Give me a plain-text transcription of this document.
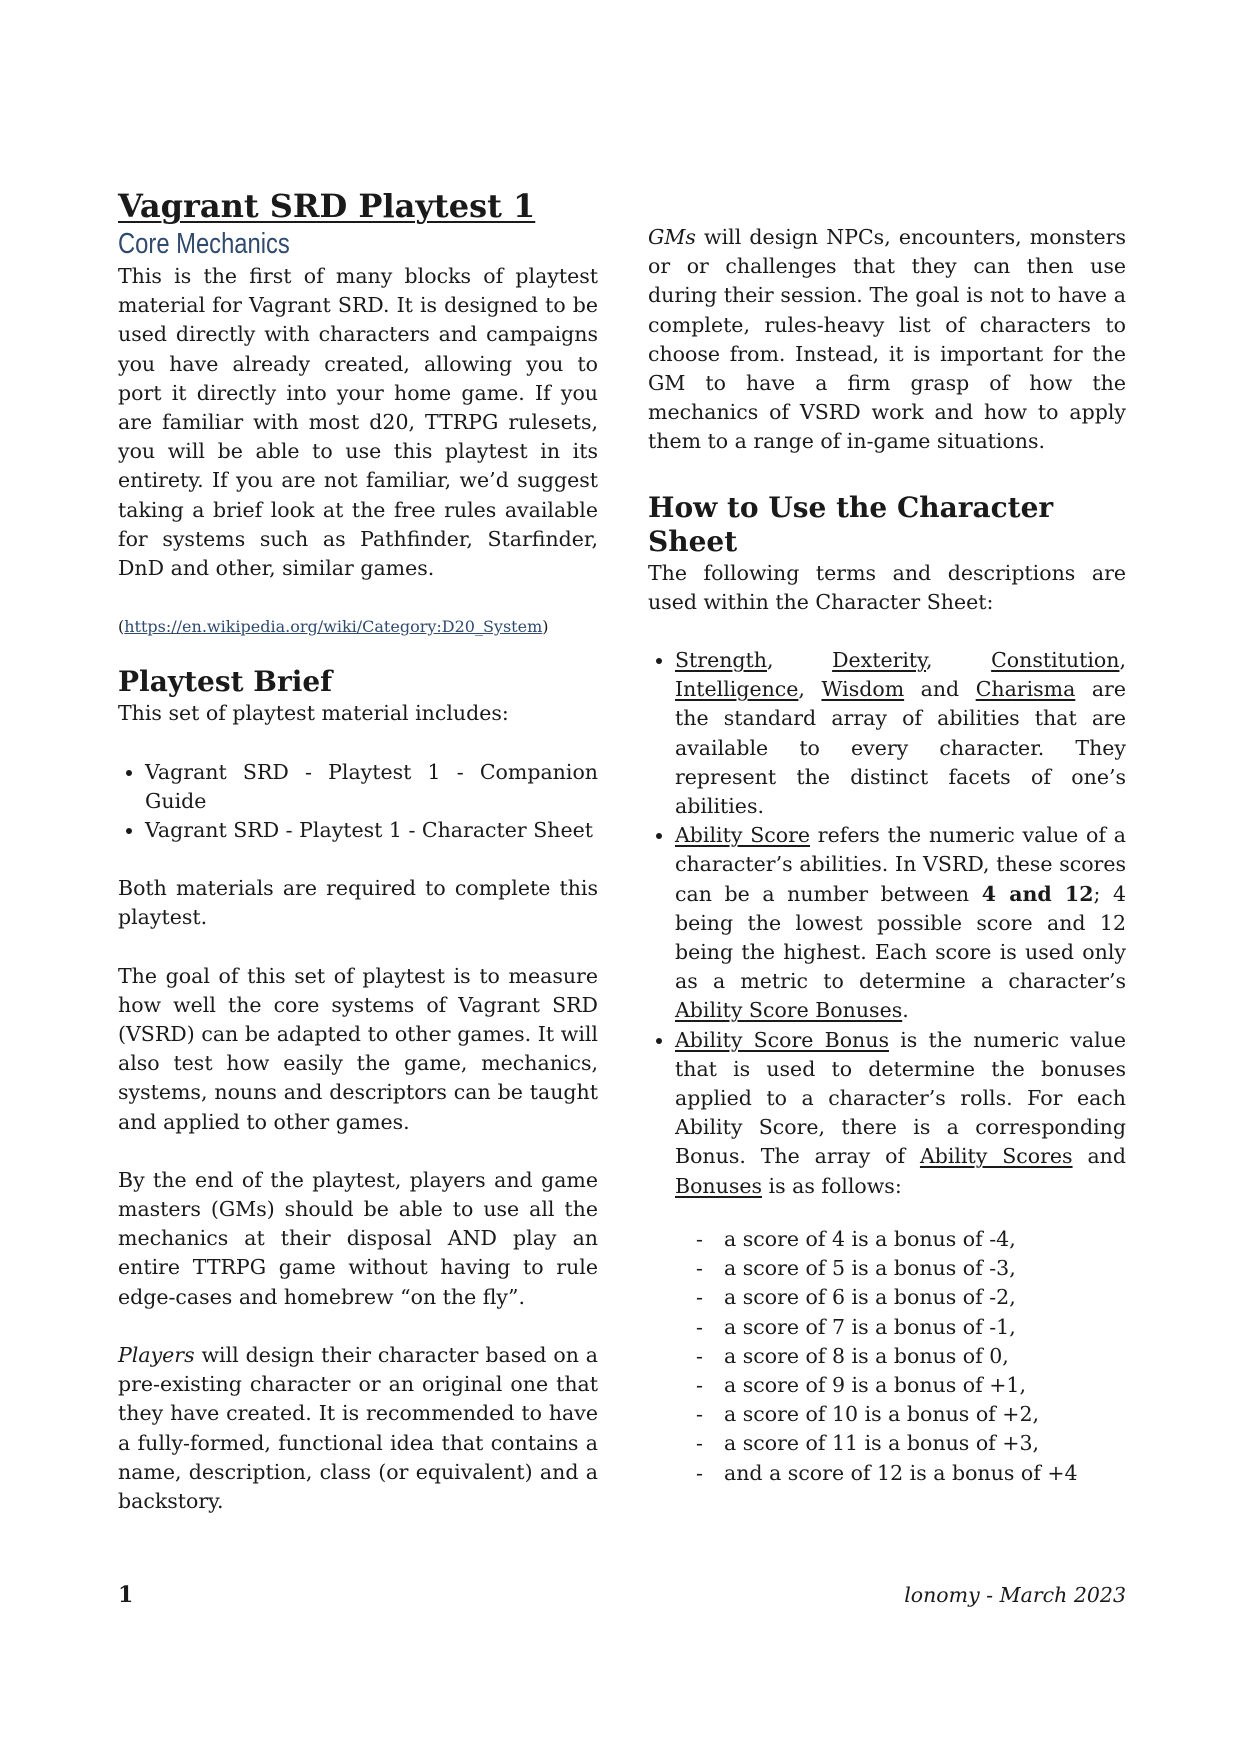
Vagrant SRD Playtest 1
Core Mechanics

This is the first of many blocks of playtest material for Vagrant SRD. It is designed to be used directly with characters and campaigns you have already created, allowing you to port it directly into your home game. If you are familiar with most d20, TTRPG rulesets, you will be able to use this playtest in its entirety. If you are not familiar, we’d suggest taking a brief look at the free rules available for systems such as Pathfinder, Starfinder, DnD and other, similar games.

(https://en.wikipedia.org/wiki/Category:D20_System)
Playtest Brief

This set of playtest material includes:

• Vagrant SRD - Playtest 1 - Companion Guide
• Vagrant SRD - Playtest 1 - Character Sheet

Both materials are required to complete this playtest.

The goal of this set of playtest is to measure how well the core systems of Vagrant SRD (VSRD) can be adapted to other games. It will also test how easily the game, mechanics, systems, nouns and descriptors can be taught and applied to other games.

By the end of the playtest, players and game masters (GMs) should be able to use all the mechanics at their disposal AND play an entire TTRPG game without having to rule edge-cases and homebrew “on the fly”.

Players will design their character based on a pre-existing character or an original one that they have created. It is recommended to have a fully-formed, functional idea that contains a name, description, class (or equivalent) and a backstory.

GMs will design NPCs, encounters, monsters or or challenges that they can then use during their session. The goal is not to have a complete, rules-heavy list of characters to choose from. Instead, it is important for the GM to have a firm grasp of how the mechanics of VSRD work and how to apply them to a range of in-game situations.

How to Use the Character Sheet

The following terms and descriptions are used within the Character Sheet:

• Strength, Dexterity, Constitution, Intelligence, Wisdom and Charisma are the standard array of abilities that are available to every character. They represent the distinct facets of one’s abilities.
• Ability Score refers the numeric value of a character’s abilities. In VSRD, these scores can be a number between 4 and 12; 4 being the lowest possible score and 12 being the highest. Each score is used only as a metric to determine a character’s Ability Score Bonuses.
• Ability Score Bonus is the numeric value that is used to determine the bonuses applied to a character’s rolls. For each Ability Score, there is a corresponding Bonus. The array of Ability Scores and Bonuses is as follows:
- a score of 4 is a bonus of -4,
- a score of 5 is a bonus of -3,
- a score of 6 is a bonus of -2,
- a score of 7 is a bonus of -1,
- a score of 8 is a bonus of 0,
- a score of 9 is a bonus of +1,
- a score of 10 is a bonus of +2,
- a score of 11 is a bonus of +3,
- and a score of 12 is a bonus of +4
1	lonomy - March 2023
